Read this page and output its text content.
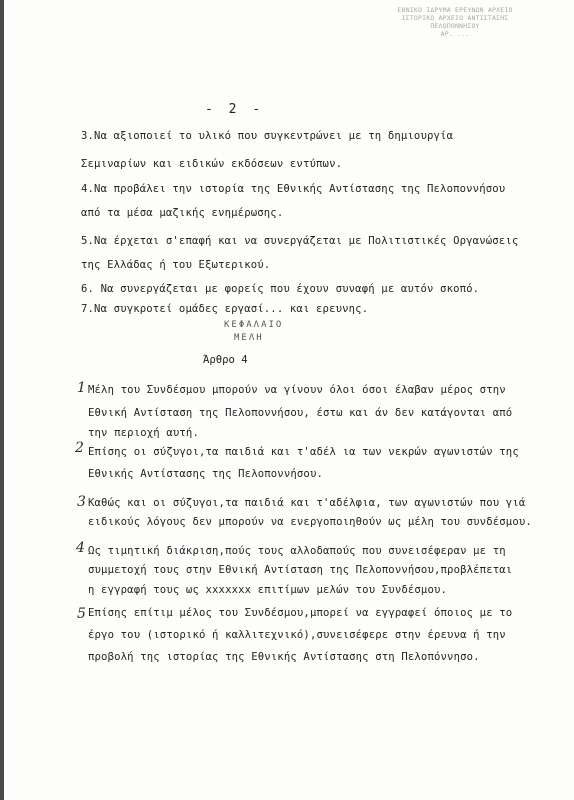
ΕΘΝΙΚΟ ΙΔΡΥΜΑ ΕΡΕΥΝΩΝ ΑΡΧΕΙΟ
ΙΣΤΟΡΙΚΟ ΑΡΧΕΙΟ ΑΝΤΙΣΤΑΣΗΣ
ΠΕΛΟΠΟΝΝΗΣΟΥ
ΑΡ. ...
- 2 -
3.Να αξιοποιεί το υλικό που συγκεντρώνει με τη δημιουργία
Σεμιναρίων και ειδικών εκδόσεων εντύπων.
4.Να προβάλει την ιστορία της Εθνικής Αντίστασης της Πελοποννήσου
από τα μέσα μαζικής ενημέρωσης.
5.Να έρχεται σ'επαφή και να συνεργάζεται με Πολιτιστικές Οργανώσεις
της Ελλάδας ή του Εξωτερικού.
6. Να συνεργάζεται με φορείς που έχουν συναφή με αυτόν σκοπό.
7.Να συγκροτεί ομάδες εργασί... και ερευνης.
ΚΕΦΑΛΑΙΟ
ΜΕΛΗ
Άρθρο 4
1
2
3
4
5
Μέλη του Συνδέσμου μπορούν να γίνουν όλοι όσοι έλαβαν μέρος στην
Εθνική Αντίσταση της Πελοποννήσου, έστω και άν δεν κατάγονται από
την περιοχή αυτή.
Επίσης οι σύζυγοι,τα παιδιά και τ'αδέλ ια των νεκρών αγωνιστών της
Εθνικής Αντίστασης της Πελοποννήσου.
Καθώς και οι σύζυγοι,τα παιδιά και τ'αδέλφια, των αγωνιστών που γιά
ειδικούς λόγους δεν μπορούν να ενεργοποιηθούν ως μέλη του συνδέσμου.
Ως τιμητική διάκριση,πούς τους αλλοδαπούς που συνεισέφεραν με τη
συμμετοχή τους στην Εθνική Αντίσταση της Πελοποννήσου,προβλέπεται
η εγγραφή τους ως xxxxxxx επιτίμων μελών του Συνδέσμου.
Επίσης επίτιμ μέλος του Συνδέσμου,μπορεί να εγγραφεί όποιος με το
έργο του (ιστορικό ή καλλιτεχνικό),συνεισέφερε στην έρευνα ή την
προβολή της ιστορίας της Εθνικής Αντίστασης στη Πελοπόννησο.
